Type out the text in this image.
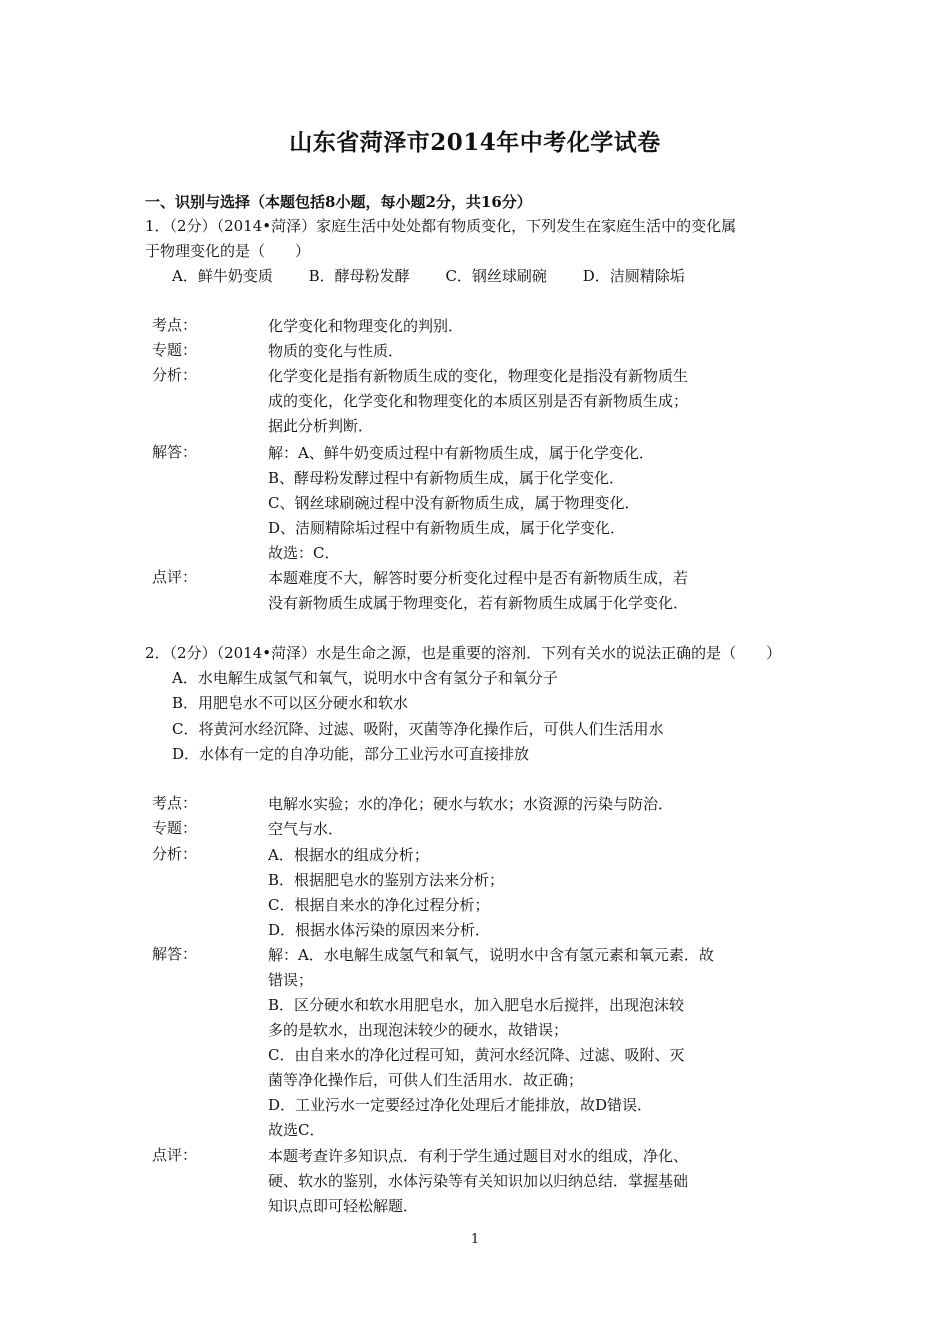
山东省菏泽市2014年中考化学试卷
一、识别与选择（本题包括8小题，每小题2分，共16分）
1．（2分）（2014•菏泽）家庭生活中处处都有物质变化，下列发生在家庭生活中的变化属
于物理变化的是（　　）
A．鲜牛奶变质 B．酵母粉发酵 C．钢丝球刷碗 D．洁厕精除垢
考点：	化学变化和物理变化的判别．
专题：	物质的变化与性质．
分析：	化学变化是指有新物质生成的变化，物理变化是指没有新物质生
成的变化，化学变化和物理变化的本质区别是否有新物质生成；
据此分析判断．
解答：	解：A、鲜牛奶变质过程中有新物质生成，属于化学变化．
B、酵母粉发酵过程中有新物质生成，属于化学变化．
C、钢丝球刷碗过程中没有新物质生成，属于物理变化．
D、洁厕精除垢过程中有新物质生成，属于化学变化．
故选：C．
点评：	本题难度不大，解答时要分析变化过程中是否有新物质生成，若
没有新物质生成属于物理变化，若有新物质生成属于化学变化．
2．（2分）（2014•菏泽）水是生命之源，也是重要的溶剂．下列有关水的说法正确的是（　　）
A．水电解生成氢气和氧气，说明水中含有氢分子和氧分子
B．用肥皂水不可以区分硬水和软水
C．将黄河水经沉降、过滤、吸附，灭菌等净化操作后，可供人们生活用水
D．水体有一定的自净功能，部分工业污水可直接排放
考点：	电解水实验；水的净化；硬水与软水；水资源的污染与防治．
专题：	空气与水．
分析：	A．根据水的组成分析；
B．根据肥皂水的鉴别方法来分析；
C．根据自来水的净化过程分析；
D．根据水体污染的原因来分析．
解答：	解：A．水电解生成氢气和氧气，说明水中含有氢元素和氧元素．故
错误；
B．区分硬水和软水用肥皂水，加入肥皂水后搅拌，出现泡沫较
多的是软水，出现泡沫较少的硬水，故错误；
C．由自来水的净化过程可知，黄河水经沉降、过滤、吸附、灭
菌等净化操作后，可供人们生活用水．故正确；
D．工业污水一定要经过净化处理后才能排放，故D错误．
故选C．
点评：	本题考查许多知识点．有利于学生通过题目对水的组成，净化、
硬、软水的鉴别，水体污染等有关知识加以归纳总结．掌握基础
知识点即可轻松解题．
1
